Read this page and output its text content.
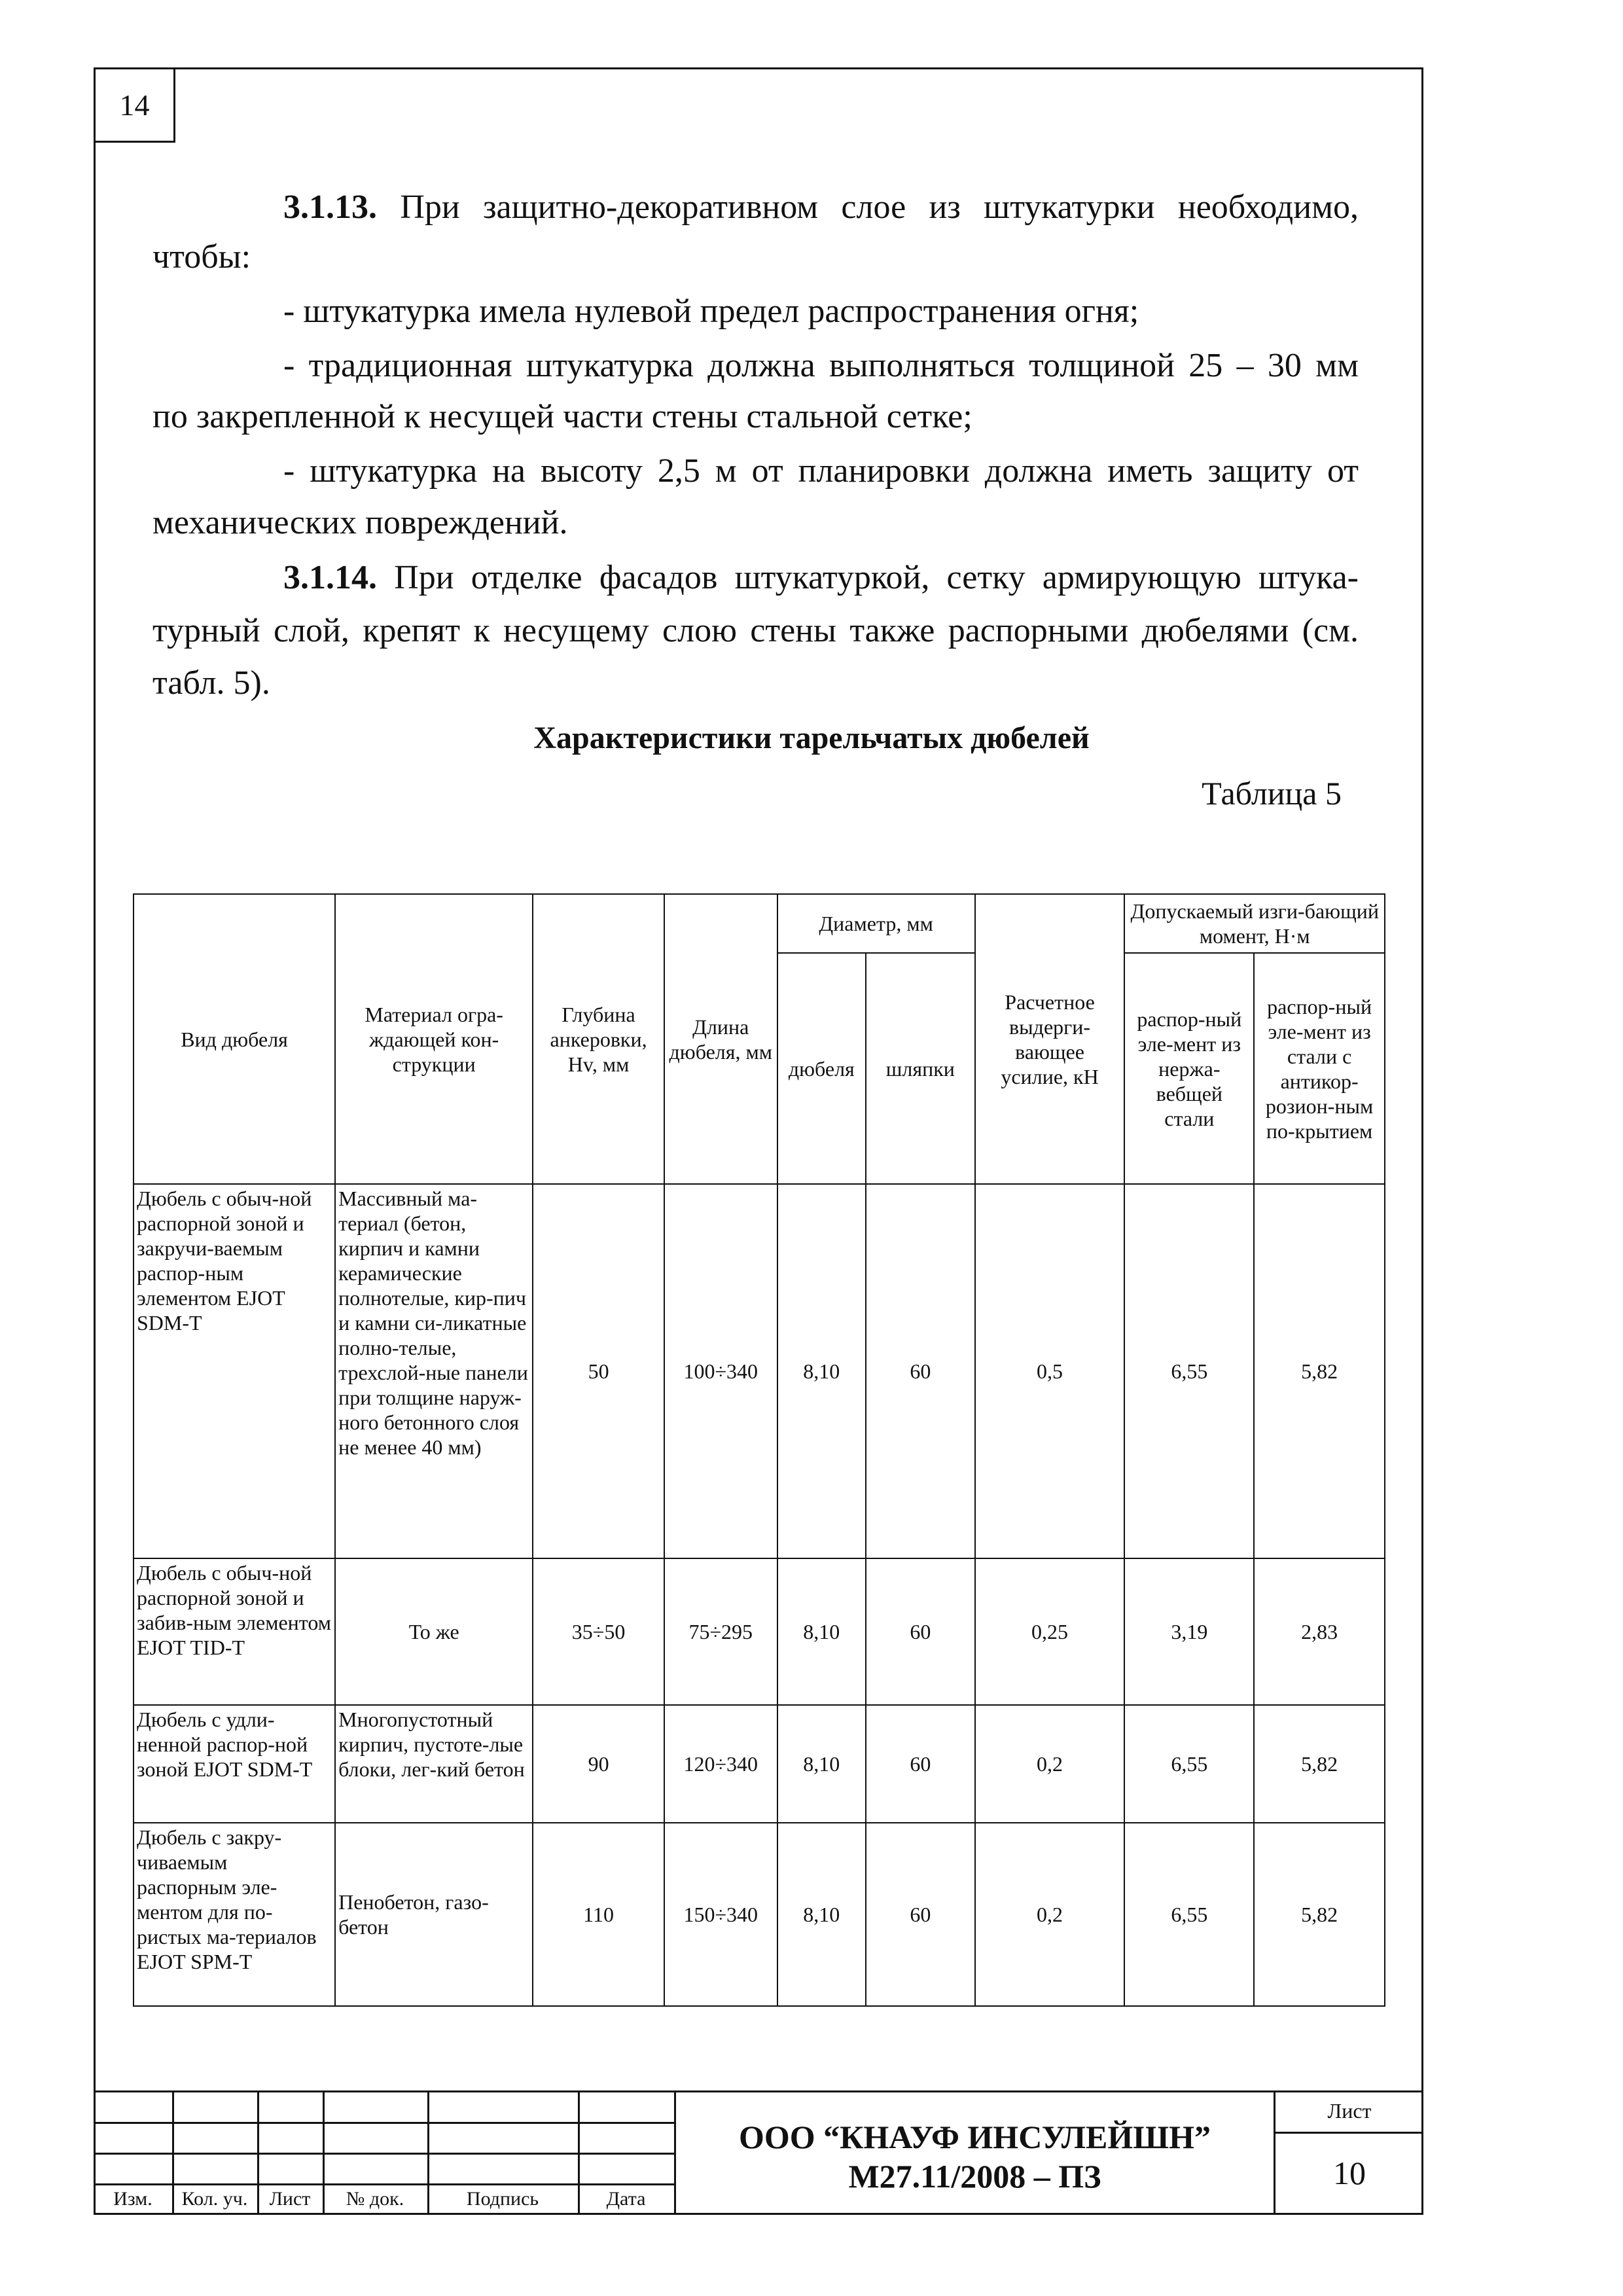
14
3.1.13. При защитно-декоративном слое из штукатурки необходимо,
чтобы:
- штукатурка имела нулевой предел распространения огня;
- традиционная штукатурка должна выполняться толщиной 25 – 30 мм
по закрепленной к несущей части стены стальной сетке;
- штукатурка на высоту 2,5 м от планировки должна иметь защиту от
механических повреждений.
3.1.14. При отделке фасадов штукатуркой, сетку армирующую штука-
турный слой, крепят к несущему слою стены также распорными дюбелями (см.
табл. 5).
Характеристики тарельчатых дюбелей
Таблица 5
Вид дюбеля	Материал огра-ждающей кон-струкции	Глубина анкеровки, Hv, мм	Длина дюбеля, мм	Диаметр, мм		Расчетное выдерги-вающее усилие, кН	Допускаемый изги-бающий момент, Н·м	
				дюбеля	шляпки		распор-ный эле-мент из нержа-вебщей стали	распор-ный эле-мент из стали с антикор-розион-ным по-крытием
Дюбель с обыч-ной распорной зоной и закручи-ваемым распор-ным элементом EJOT SDM-T	Массивный ма-териал (бетон, кирпич и камни керамические полнотелые, кир-пич и камни си-ликатные полно-телые, трехслой-ные панели при толщине наруж-ного бетонного слоя не менее 40 мм)	50	100÷340	8,10	60	0,5	6,55	5,82
Дюбель с обыч-ной распорной зоной и забив-ным элементом EJOT TID-T	То же	35÷50	75÷295	8,10	60	0,25	3,19	2,83
Дюбель с удли-ненной распор-ной зоной EJOT SDM-T	Многопустотный кирпич, пустоте-лые блоки, лег-кий бетон	90	120÷340	8,10	60	0,2	6,55	5,82
Дюбель с закру-чиваемым распорным эле-ментом для по-ристых ма-териалов EJOT SPM-T	Пенобетон, газо-бетон	110	150÷340	8,10	60	0,2	6,55	5,82
Изм.	Кол. уч.	Лист	№ док.	Подпись	Дата
ООО “КНАУФ ИНСУЛЕЙШН”
М27.11/2008 – ПЗ
Лист
10
